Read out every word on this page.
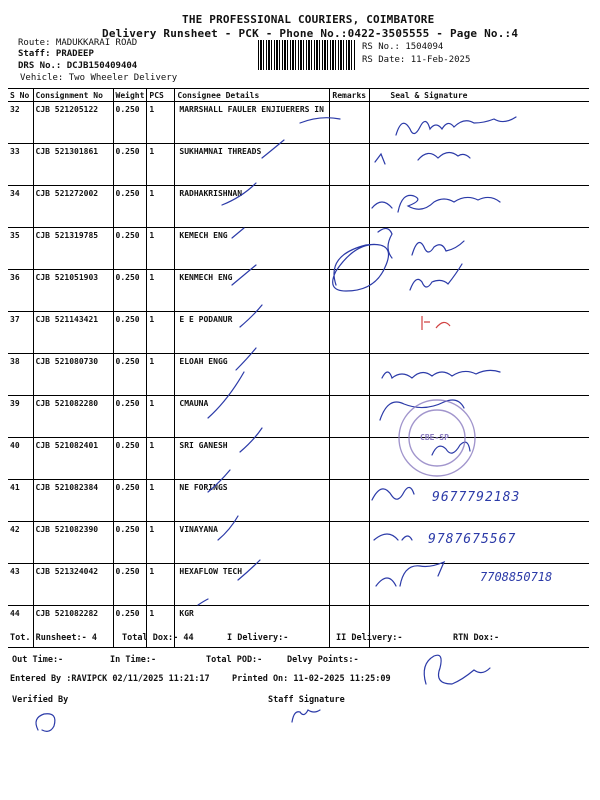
THE PROFESSIONAL COURIERS, COIMBATORE
Delivery Runsheet - PCK - Phone No.:0422-3505555 - Page No.:4
Route: MADUKKARAI ROAD
Staff: PRADEEP
DRS No.: DCJB150409404
Vehicle: Two Wheeler Delivery
RS No.: 1504094
RS Date: 11-Feb-2025
S No	Consignment No	Weight	PCS	Consignee Details	Remarks	Seal & Signature
32	CJB 521205122	0.250	1	MARRSHALL FAULER ENJIUERERS IN		
33	CJB 521301861	0.250	1	SUKHAMNAI THREADS		
34	CJB 521272002	0.250	1	RADHAKRISHNAN		
35	CJB 521319785	0.250	1	KEMECH ENG		
36	CJB 521051903	0.250	1	KENMECH ENG		
37	CJB 521143421	0.250	1	E E PODANUR		
38	CJB 521080730	0.250	1	ELOAH ENGG		
39	CJB 521082280	0.250	1	CMAUNA		
40	CJB 521082401	0.250	1	SRI GANESH		
41	CJB 521082384	0.250	1	NE FORINGS		
42	CJB 521082390	0.250	1	VINAYANA		
43	CJB 521324042	0.250	1	HEXAFLOW TECH		
44	CJB 521082282	0.250	1	KGR		
CBE-SP
9677792183
9787675567
7708850718
Tot. Runsheet:- 4	Total Dox:- 44	I Delivery:-	II Delivery:-	RTN Dox:-
Out Time:-	In Time:-	Total POD:-	Delvy Points:-
Entered By :RAVIPCK 02/11/2025 11:21:17	Printed On: 11-02-2025 11:25:09
Verified By	Staff Signature
